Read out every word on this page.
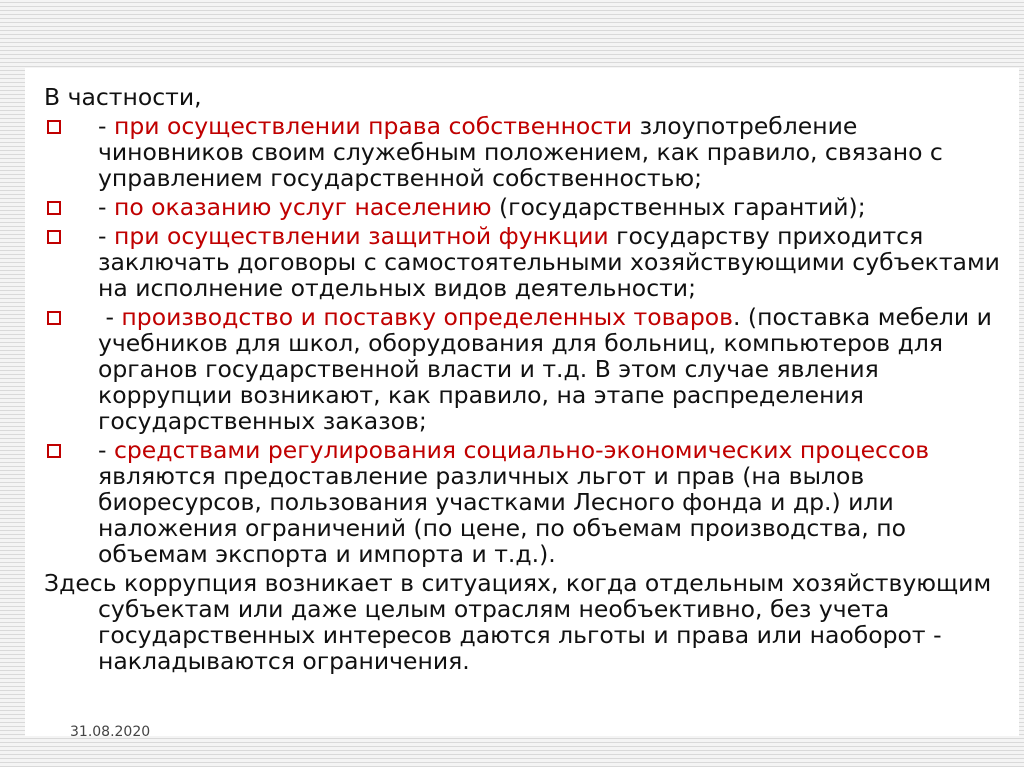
В частности,
- при осуществлении права собственности злоупотребление чиновников своим служебным положением, как правило, связано с управлением государственной собственностью;
- по оказанию услуг населению (государственных гарантий);
- при осуществлении защитной функции государству приходится заключать договоры с самостоятельными хозяйствующими субъектами на исполнение отдельных видов деятельности;
- производство и поставку определенных товаров. (поставка мебели и учебников для школ, оборудования для больниц, компьютеров для органов государственной власти и т.д. В этом случае явления коррупции возникают, как правило, на этапе распределения государственных заказов;
- средствами регулирования социально-экономических процессов являются предоставление различных льгот и прав (на вылов биоресурсов, пользования участками Лесного фонда и др.) или наложения ограничений (по цене, по объемам производства, по объемам экспорта и импорта и т.д.).
Здесь коррупция возникает в ситуациях, когда отдельным хозяйствующим субъектам или даже целым отраслям необъективно, без учета государственных интересов даются льготы и права или наоборот - накладываются ограничения.
31.08.2020
